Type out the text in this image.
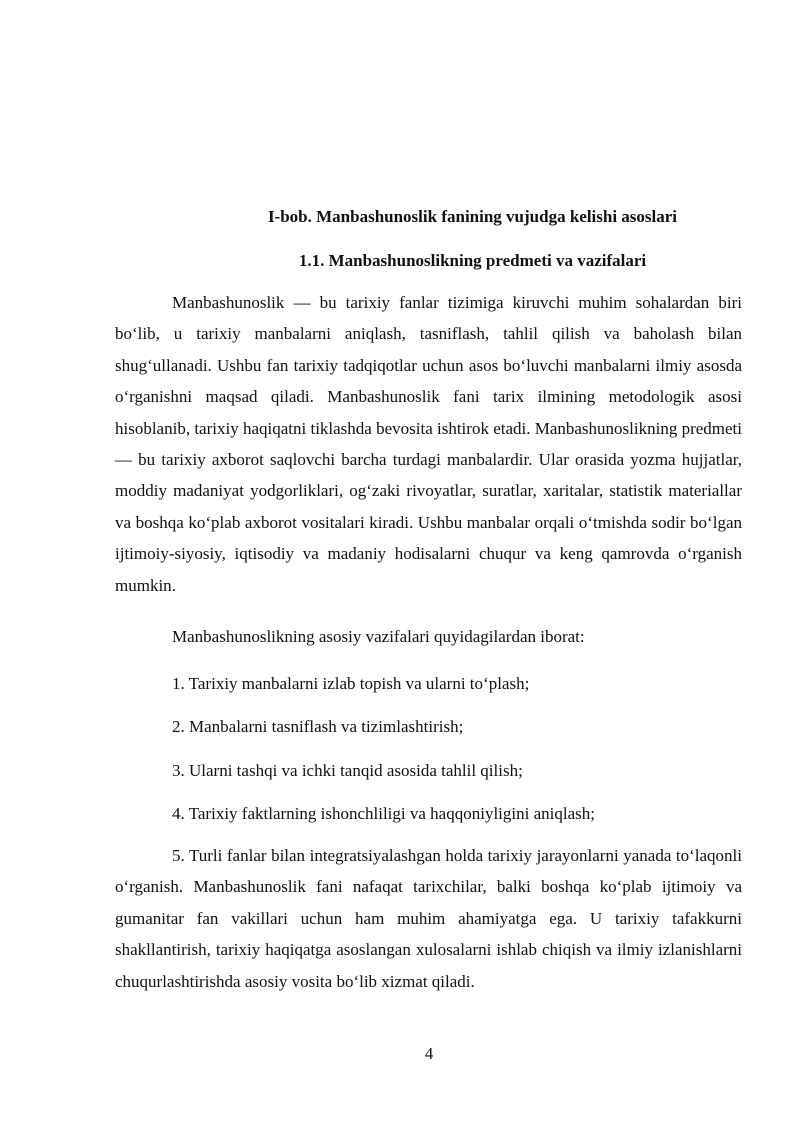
I-bob. Manbashunoslik fanining vujudga kelishi asoslari
1.1. Manbashunoslikning predmeti va vazifalari

Manbashunoslik — bu tarixiy fanlar tizimiga kiruvchi muhim sohalardan biri bo‘lib, u tarixiy manbalarni aniqlash, tasniflash, tahlil qilish va baholash bilan shug‘ullanadi. Ushbu fan tarixiy tadqiqotlar uchun asos bo‘luvchi manbalarni ilmiy asosda o‘rganishni maqsad qiladi. Manbashunoslik fani tarix ilmining metodologik asosi hisoblanib, tarixiy haqiqatni tiklashda bevosita ishtirok etadi. Manbashunoslikning predmeti — bu tarixiy axborot saqlovchi barcha turdagi manbalardir. Ular orasida yozma hujjatlar, moddiy madaniyat yodgorliklari, og‘zaki rivoyatlar, suratlar, xaritalar, statistik materiallar va boshqa ko‘plab axborot vositalari kiradi. Ushbu manbalar orqali o‘tmishda sodir bo‘lgan ijtimoiy-siyosiy, iqtisodiy va madaniy hodisalarni chuqur va keng qamrovda o‘rganish mumkin.

Manbashunoslikning asosiy vazifalari quyidagilardan iborat:

1. Tarixiy manbalarni izlab topish va ularni to‘plash;

2. Manbalarni tasniflash va tizimlashtirish;

3. Ularni tashqi va ichki tanqid asosida tahlil qilish;

4. Tarixiy faktlarning ishonchliligi va haqqoniyligini aniqlash;

5. Turli fanlar bilan integratsiyalashgan holda tarixiy jarayonlarni yanada to‘laqonli o‘rganish. Manbashunoslik fani nafaqat tarixchilar, balki boshqa ko‘plab ijtimoiy va gumanitar fan vakillari uchun ham muhim ahamiyatga ega. U tarixiy tafakkurni shakllantirish, tarixiy haqiqatga asoslangan xulosalarni ishlab chiqish va ilmiy izlanishlarni chuqurlashtirishda asosiy vosita bo‘lib xizmat qiladi.

4
